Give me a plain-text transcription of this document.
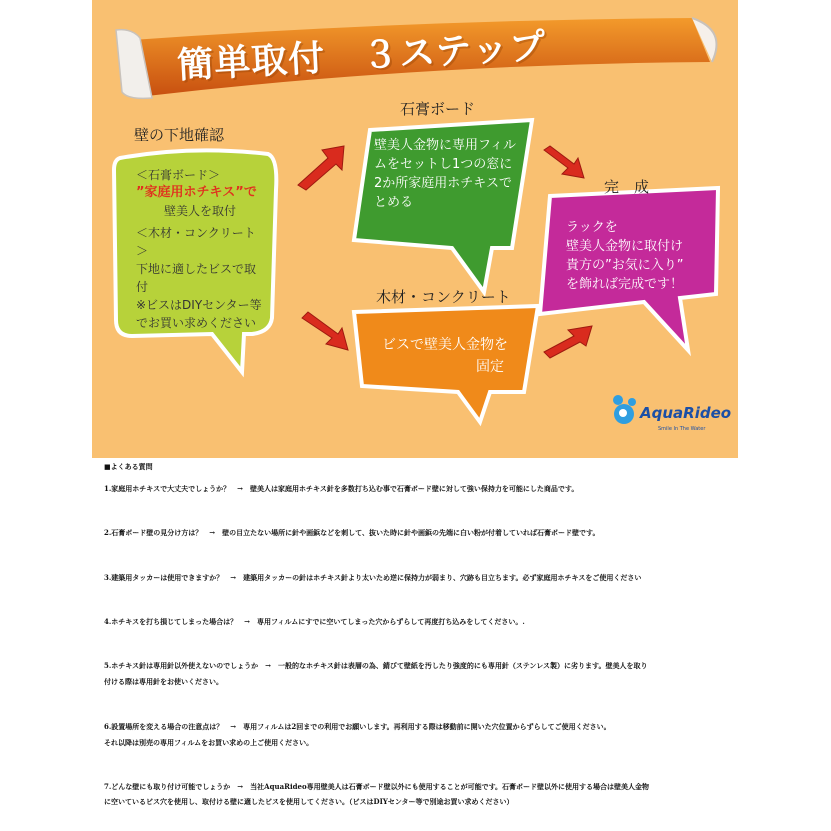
簡単取付　３ステップ
壁の下地確認
石膏ボード
木材・コンクリート
完　成
＜石膏ボード＞
”家庭用ホチキス”で
壁美人を取付
＜木材・コンクリート＞
下地に適したビスで取付
※ビスはDIYセンター等
でお買い求めください
壁美人金物に専用フィル
ムをセットし1つの窓に
2か所家庭用ホチキスで
とめる
ビスで壁美人金物を
固定
ラックを
壁美人金物に取付け
貴方の”お気に入り”
を飾れば完成です！
AquaRideo
Smile In The Water
■よくある質問
1.家庭用ホチキスで大丈夫でしょうか？　→　壁美人は家庭用ホチキス針を多数打ち込む事で石膏ボード壁に対して強い保持力を可能にした商品です。
2.石膏ボード壁の見分け方は？　→　壁の目立たない場所に針や画鋲などを刺して、抜いた時に針や画鋲の先端に白い粉が付着していれば石膏ボード壁です。
3.建築用タッカーは使用できますか？　→　建築用タッカーの針はホチキス針より太いため逆に保持力が弱まり、穴跡も目立ちます。必ず家庭用ホチキスをご使用ください
4.ホチキスを打ち損じてしまった場合は？　→　専用フィルムにすでに空いてしまった穴からずらして再度打ち込みをしてください。.
5.ホチキス針は専用針以外使えないのでしょうか　→　一般的なホチキス針は表層の為、錆びて壁紙を汚したり強度的にも専用針（ステンレス製）に劣ります。壁美人を取り
付ける際は専用針をお使いください。
6.設置場所を変える場合の注意点は？　→　専用フィルムは2回までの利用でお願いします。再利用する際は移動前に開いた穴位置からずらしてご使用ください。
それ以降は別売の専用フィルムをお買い求めの上ご使用ください。
7.どんな壁にも取り付け可能でしょうか　→　当社AquaRideo専用壁美人は石膏ボード壁以外にも使用することが可能です。石膏ボード壁以外に使用する場合は壁美人金物
に空いているビス穴を使用し、取付ける壁に適したビスを使用してください。（ビスはDIYセンター等で別途お買い求めください）
